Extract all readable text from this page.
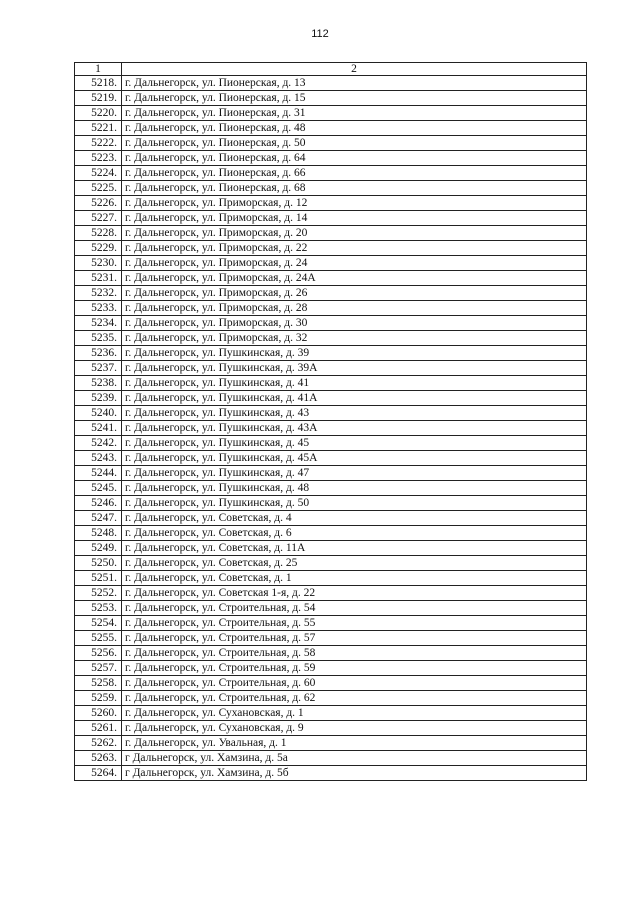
112
1	2
5218.	г. Дальнегорск, ул. Пионерская, д. 13
5219.	г. Дальнегорск, ул. Пионерская, д. 15
5220.	г. Дальнегорск, ул. Пионерская, д. 31
5221.	г. Дальнегорск, ул. Пионерская, д. 48
5222.	г. Дальнегорск, ул. Пионерская, д. 50
5223.	г. Дальнегорск, ул. Пионерская, д. 64
5224.	г. Дальнегорск, ул. Пионерская, д. 66
5225.	г. Дальнегорск, ул. Пионерская, д. 68
5226.	г. Дальнегорск, ул. Приморская, д. 12
5227.	г. Дальнегорск, ул. Приморская, д. 14
5228.	г. Дальнегорск, ул. Приморская, д. 20
5229.	г. Дальнегорск, ул. Приморская, д. 22
5230.	г. Дальнегорск, ул. Приморская, д. 24
5231.	г. Дальнегорск, ул. Приморская, д. 24А
5232.	г. Дальнегорск, ул. Приморская, д. 26
5233.	г. Дальнегорск, ул. Приморская, д. 28
5234.	г. Дальнегорск, ул. Приморская, д. 30
5235.	г. Дальнегорск, ул. Приморская, д. 32
5236.	г. Дальнегорск, ул. Пушкинская, д. 39
5237.	г. Дальнегорск, ул. Пушкинская, д. 39А
5238.	г. Дальнегорск, ул. Пушкинская, д. 41
5239.	г. Дальнегорск, ул. Пушкинская, д. 41А
5240.	г. Дальнегорск, ул. Пушкинская, д. 43
5241.	г. Дальнегорск, ул. Пушкинская, д. 43А
5242.	г. Дальнегорск, ул. Пушкинская, д. 45
5243.	г. Дальнегорск, ул. Пушкинская, д. 45А
5244.	г. Дальнегорск, ул. Пушкинская, д. 47
5245.	г. Дальнегорск, ул. Пушкинская, д. 48
5246.	г. Дальнегорск, ул. Пушкинская, д. 50
5247.	г. Дальнегорск, ул. Советская, д. 4
5248.	г. Дальнегорск, ул. Советская, д. 6
5249.	г. Дальнегорск, ул. Советская, д. 11А
5250.	г. Дальнегорск, ул. Советская, д. 25
5251.	г. Дальнегорск, ул. Советская, д. 1
5252.	г. Дальнегорск, ул. Советская 1-я, д. 22
5253.	г. Дальнегорск, ул. Строительная, д. 54
5254.	г. Дальнегорск, ул. Строительная, д. 55
5255.	г. Дальнегорск, ул. Строительная, д. 57
5256.	г. Дальнегорск, ул. Строительная, д. 58
5257.	г. Дальнегорск, ул. Строительная, д. 59
5258.	г. Дальнегорск, ул. Строительная, д. 60
5259.	г. Дальнегорск, ул. Строительная, д. 62
5260.	г. Дальнегорск, ул. Сухановская, д. 1
5261.	г. Дальнегорск, ул. Сухановская, д. 9
5262.	г. Дальнегорск, ул. Увальная, д. 1
5263.	г Дальнегорск, ул. Хамзина, д. 5а
5264.	г Дальнегорск, ул. Хамзина, д. 5б
